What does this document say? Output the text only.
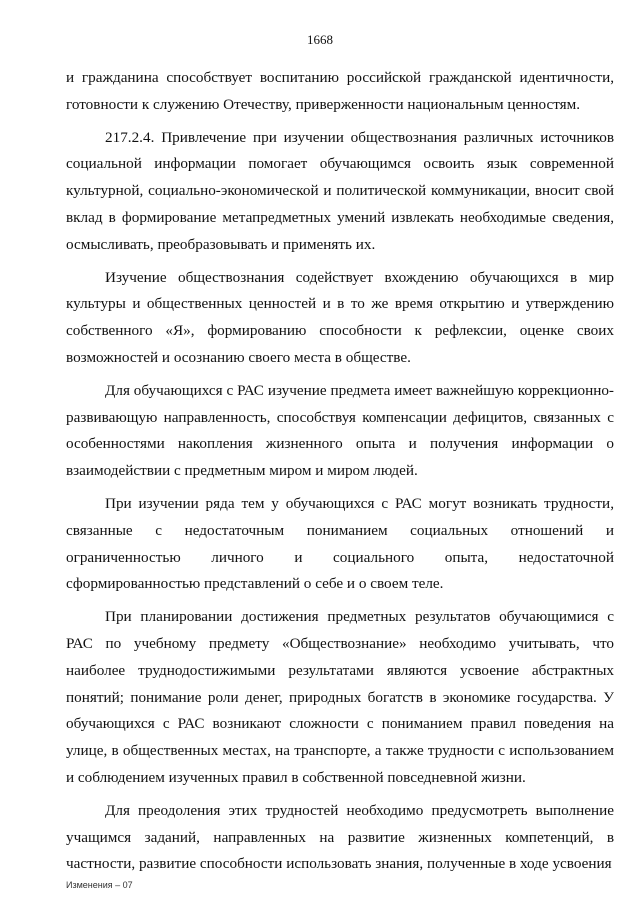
1668

и гражданина способствует воспитанию российской гражданской идентичности, готовности к служению Отечеству, приверженности национальным ценностям.

217.2.4. Привлечение при изучении обществознания различных источников социальной информации помогает обучающимся освоить язык современной культурной, социально-экономической и политической коммуникации, вносит свой вклад в формирование метапредметных умений извлекать необходимые сведения, осмысливать, преобразовывать и применять их.

Изучение обществознания содействует вхождению обучающихся в мир культуры и общественных ценностей и в то же время открытию и утверждению собственного «Я», формированию способности к рефлексии, оценке своих возможностей и осознанию своего места в обществе.

Для обучающихся с РАС изучение предмета имеет важнейшую коррекционно-развивающую направленность, способствуя компенсации дефицитов, связанных с особенностями накопления жизненного опыта и получения информации о взаимодействии с предметным миром и миром людей.

При изучении ряда тем у обучающихся с РАС могут возникать трудности, связанные с недостаточным пониманием социальных отношений и ограниченностью личного и социального опыта, недостаточной сформированностью представлений о себе и о своем теле.

При планировании достижения предметных результатов обучающимися с РАС по учебному предмету «Обществознание» необходимо учитывать, что наиболее труднодостижимыми результатами являются усвоение абстрактных понятий; понимание роли денег, природных богатств в экономике государства. У обучающихся с РАС возникают сложности с пониманием правил поведения на улице, в общественных местах, на транспорте, а также трудности с использованием и соблюдением изученных правил в собственной повседневной жизни.

Для преодоления этих трудностей необходимо предусмотреть выполнение учащимся заданий, направленных на развитие жизненных компетенций, в частности, развитие способности использовать знания, полученные в ходе усвоения

Изменения – 07
